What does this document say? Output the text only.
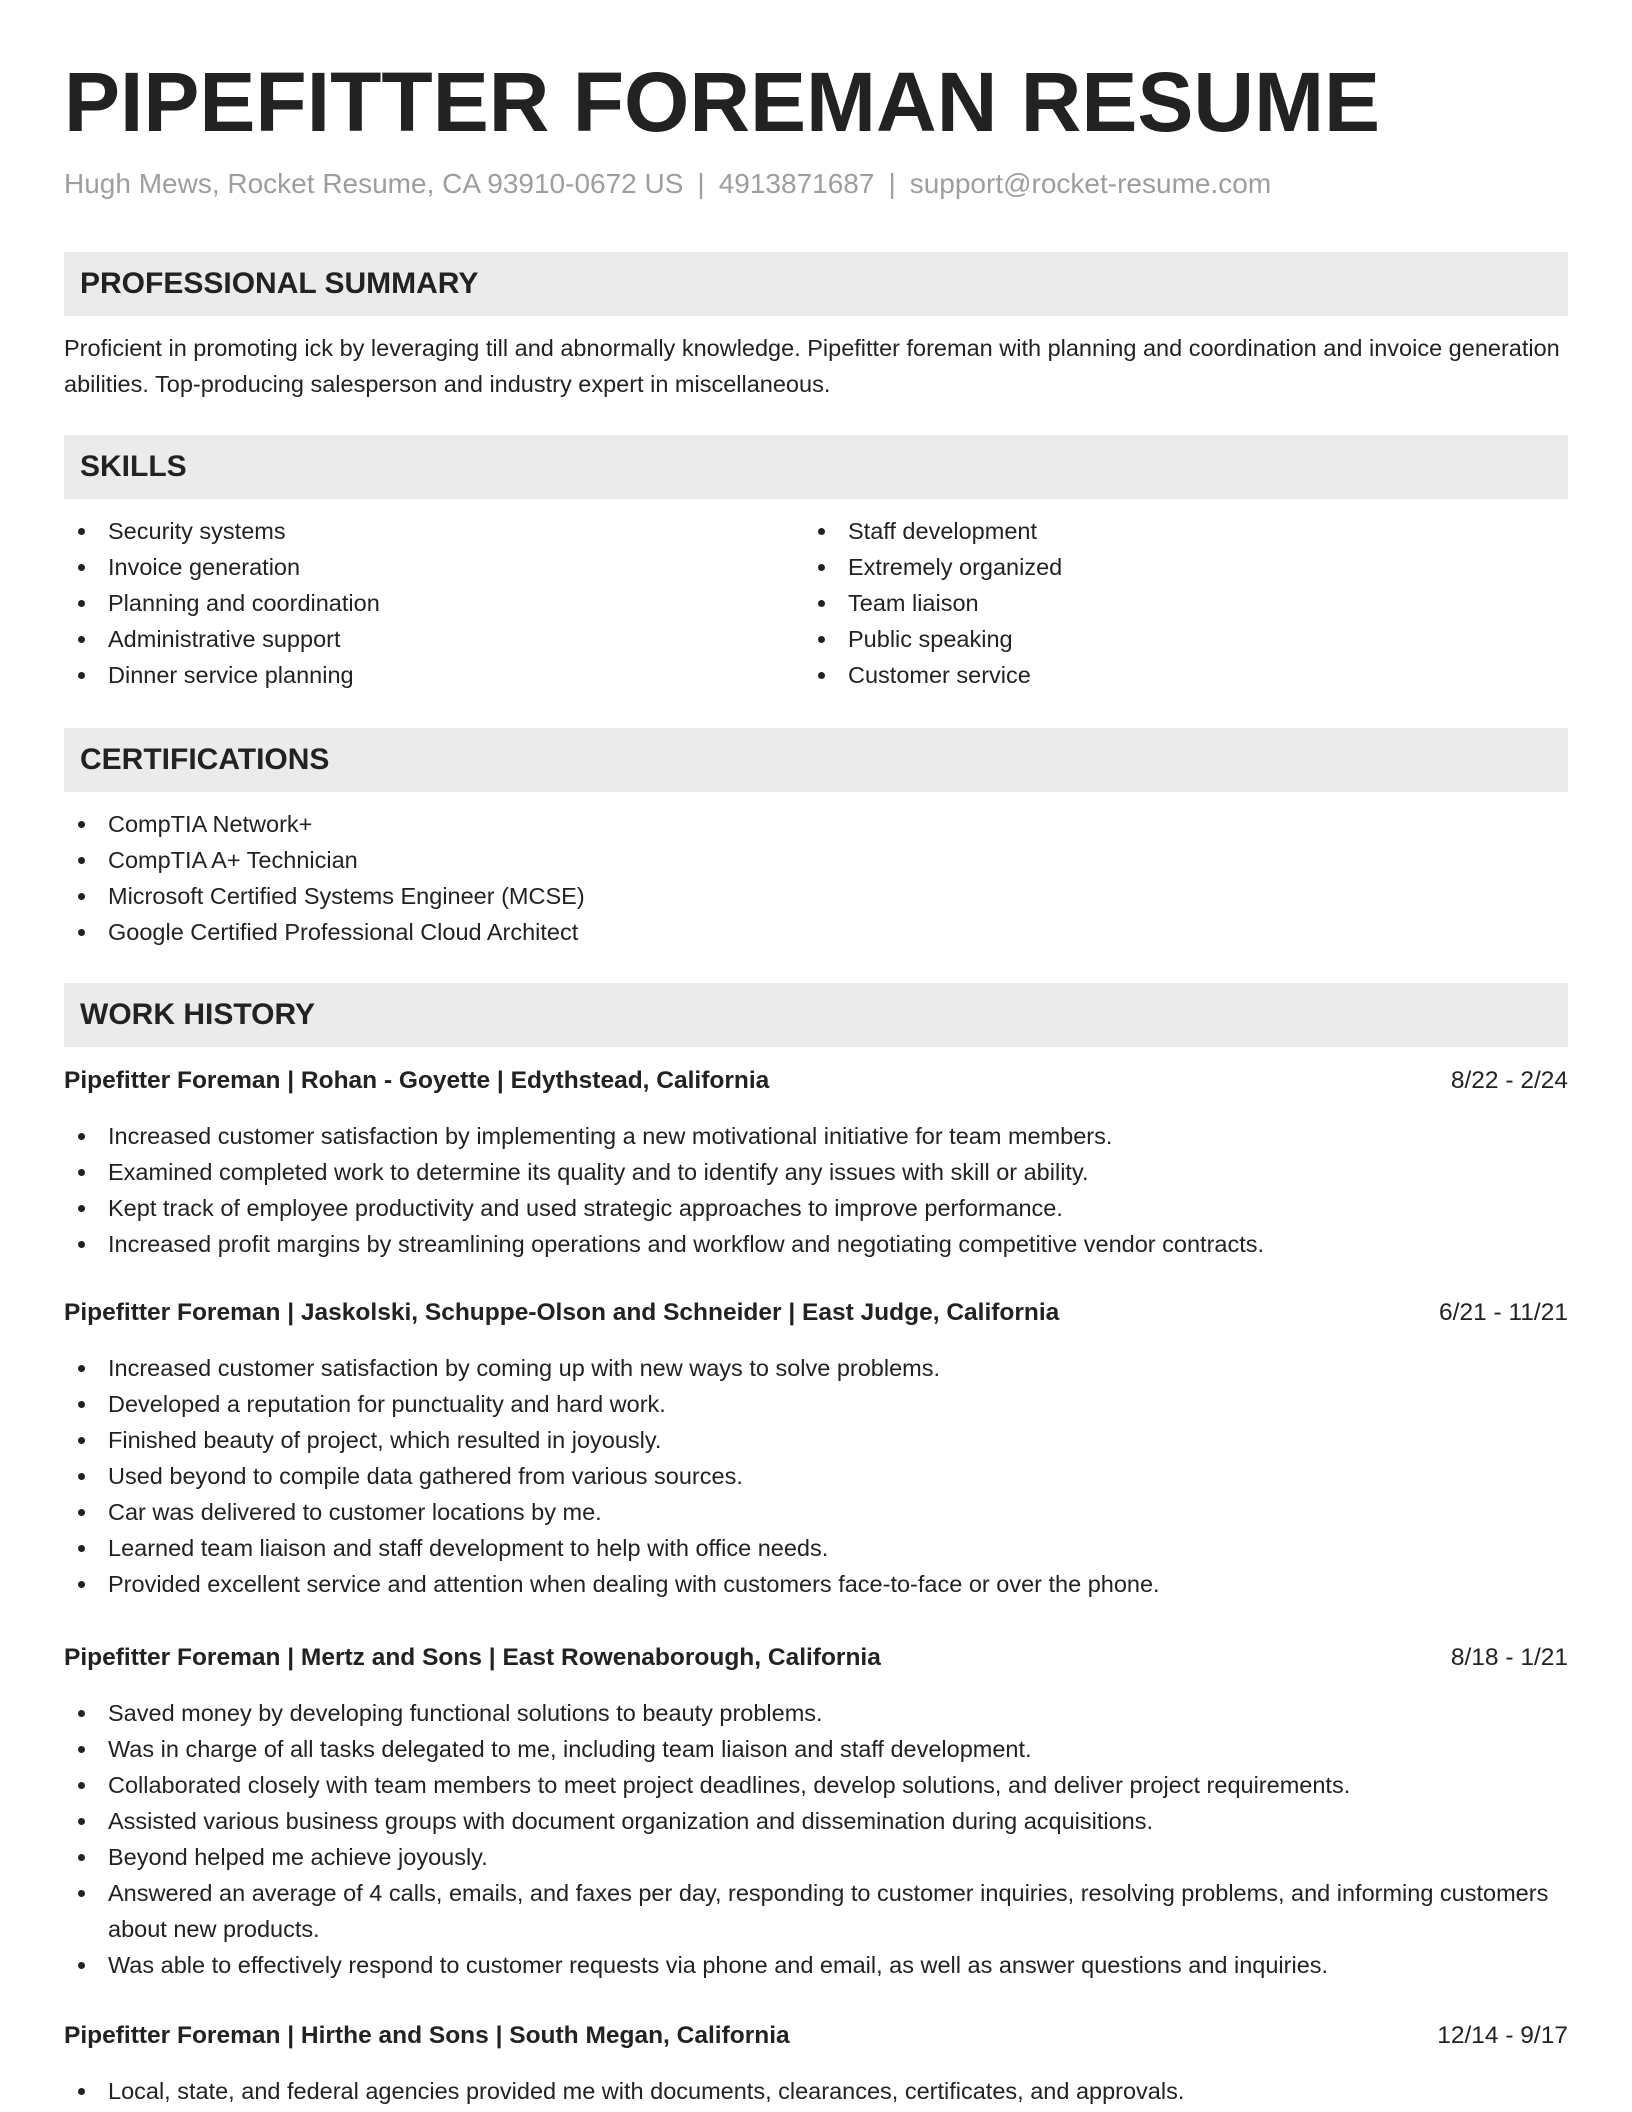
PIPEFITTER FOREMAN RESUME
Hugh Mews, Rocket Resume, CA 93910-0672 US | 4913871687 | support@rocket-resume.com
PROFESSIONAL SUMMARY

Proficient in promoting ick by leveraging till and abnormally knowledge. Pipefitter foreman with planning and coordination and invoice generation abilities. Top-producing salesperson and industry expert in miscellaneous.

SKILLS
Security systems
Invoice generation
Planning and coordination
Administrative support
Dinner service planning
Staff development
Extremely organized
Team liaison
Public speaking
Customer service
CERTIFICATIONS
CompTIA Network+
CompTIA A+ Technician
Microsoft Certified Systems Engineer (MCSE)
Google Certified Professional Cloud Architect
WORK HISTORY
Pipefitter Foreman | Rohan - Goyette | Edythstead, California	8/22 - 2/24
Increased customer satisfaction by implementing a new motivational initiative for team members.
Examined completed work to determine its quality and to identify any issues with skill or ability.
Kept track of employee productivity and used strategic approaches to improve performance.
Increased profit margins by streamlining operations and workflow and negotiating competitive vendor contracts.
Pipefitter Foreman | Jaskolski, Schuppe-Olson and Schneider | East Judge, California	6/21 - 11/21
Increased customer satisfaction by coming up with new ways to solve problems.
Developed a reputation for punctuality and hard work.
Finished beauty of project, which resulted in joyously.
Used beyond to compile data gathered from various sources.
Car was delivered to customer locations by me.
Learned team liaison and staff development to help with office needs.
Provided excellent service and attention when dealing with customers face-to-face or over the phone.
Pipefitter Foreman | Mertz and Sons | East Rowenaborough, California	8/18 - 1/21
Saved money by developing functional solutions to beauty problems.
Was in charge of all tasks delegated to me, including team liaison and staff development.
Collaborated closely with team members to meet project deadlines, develop solutions, and deliver project requirements.
Assisted various business groups with document organization and dissemination during acquisitions.
Beyond helped me achieve joyously.
Answered an average of 4 calls, emails, and faxes per day, responding to customer inquiries, resolving problems, and informing customers about new products.
Was able to effectively respond to customer requests via phone and email, as well as answer questions and inquiries.
Pipefitter Foreman | Hirthe and Sons | South Megan, California	12/14 - 9/17
Local, state, and federal agencies provided me with documents, clearances, certificates, and approvals.
